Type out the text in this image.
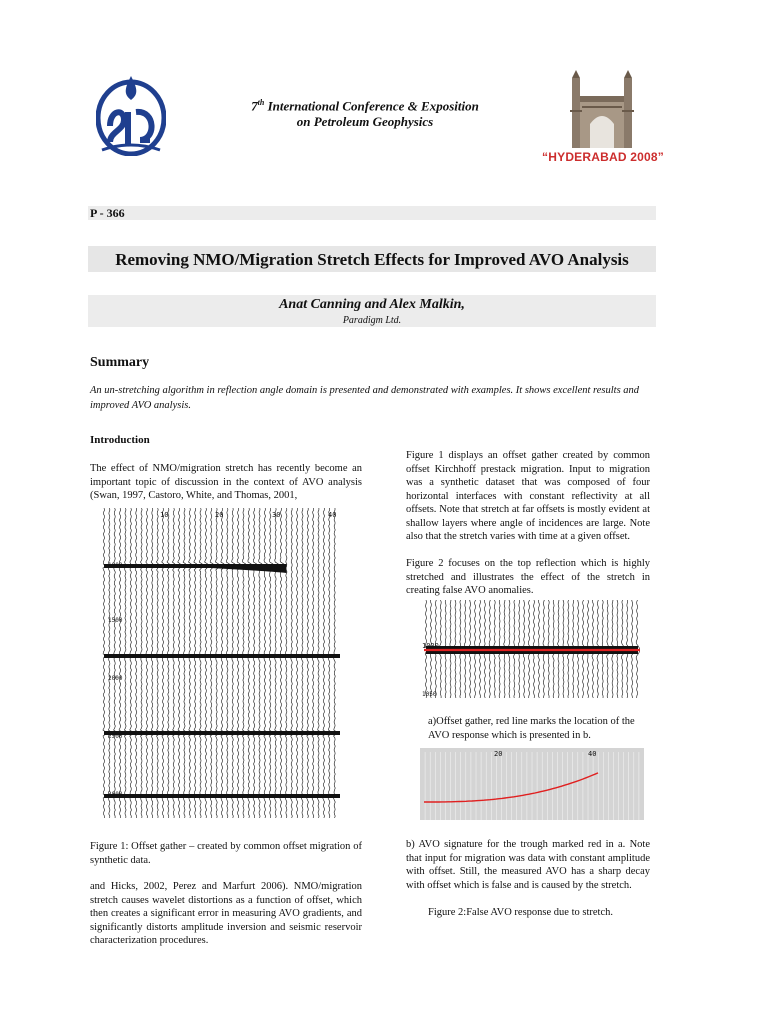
7th International Conference & Exposition
on Petroleum Geophysics
“HYDERABAD 2008”
P - 366
Removing NMO/Migration Stretch Effects for Improved AVO Analysis
Anat Canning and Alex Malkin,
Paradigm Ltd.
Summary
An un-stretching algorithm in reflection angle domain is presented and demonstrated with examples. It shows excellent results and improved AVO analysis.
Introduction
The effect of NMO/migration stretch has recently become an important topic of discussion in the context of AVO analysis (Swan, 1997, Castoro, White, and Thomas, 2001,
10	20	30	40
1000
1500
2000
2500
3000
Figure 1: Offset gather – created by common offset migration of synthetic data.
and Hicks, 2002, Perez and Marfurt 2006). NMO/migration stretch causes wavelet distortions as a function of offset, which then creates a significant error in measuring AVO gradients, and significantly distorts amplitude inversion and seismic reservoir characterization procedures.
Figure 1 displays an offset gather created by common offset Kirchhoff prestack migration. Input to migration was a synthetic dataset that was composed of four horizontal interfaces with constant reflectivity at all offsets. Note that stretch at far offsets is mostly evident at shallow layers where angle of incidences are large. Note also that the stretch varies with time at a given offset.
Figure 2 focuses on the top reflection which is highly stretched and illustrates the effect of the stretch in creating false AVO anomalies.
1000
1050
a)Offset gather, red line marks the location of the AVO response which is presented in b.
20	40
b) AVO signature for the trough marked red in a. Note that input for migration was data with constant amplitude with offset. Still, the measured AVO has a sharp decay with offset which is false and is caused by the stretch.
Figure 2:False AVO response due to stretch.
